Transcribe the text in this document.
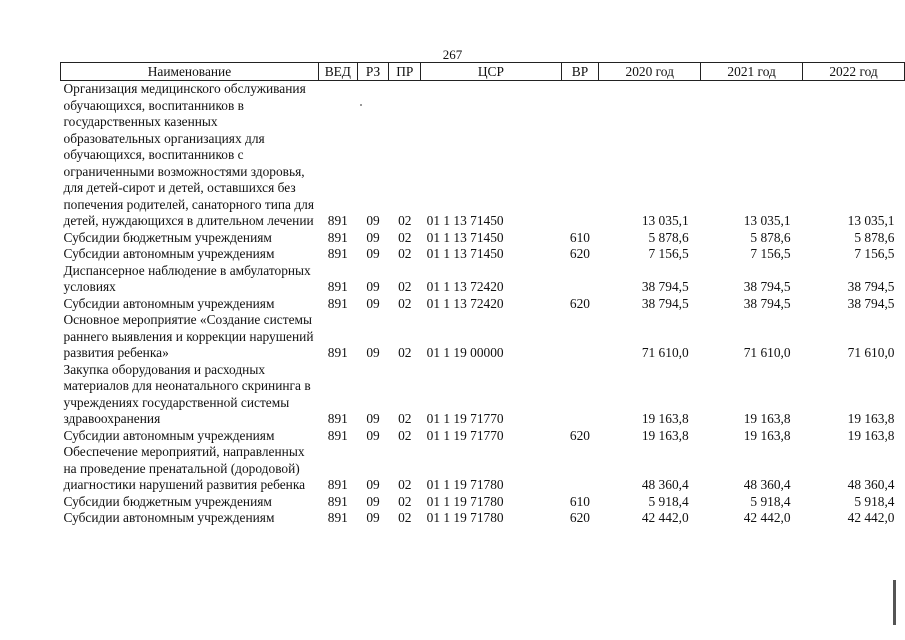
267
Наименование	ВЕД	РЗ	ПР	ЦСР	ВР	2020 год	2021 год	2022 год
Организация медицинского обслуживания обучающихся, воспитанников в государственных казенных образовательных организациях для обучающихся, воспитанников с ограниченными возможностями здоровья, для детей-сирот и детей, оставшихся без попечения родителей, санаторного типа для детей, нуждающихся в длительном лечении	891	09	02	01 1 13 71450		13 035,1	13 035,1	13 035,1
Субсидии бюджетным учреждениям	891	09	02	01 1 13 71450	610	5 878,6	5 878,6	5 878,6
Субсидии автономным учреждениям	891	09	02	01 1 13 71450	620	7 156,5	7 156,5	7 156,5
Диспансерное наблюдение в амбулаторных условиях	891	09	02	01 1 13 72420		38 794,5	38 794,5	38 794,5
Субсидии автономным учреждениям	891	09	02	01 1 13 72420	620	38 794,5	38 794,5	38 794,5
Основное мероприятие «Создание системы раннего выявления и коррекции нарушений развития ребенка»	891	09	02	01 1 19 00000		71 610,0	71 610,0	71 610,0
Закупка оборудования и расходных материалов для неонатального скрининга в учреждениях государственной системы здравоохранения	891	09	02	01 1 19 71770		19 163,8	19 163,8	19 163,8
Субсидии автономным учреждениям	891	09	02	01 1 19 71770	620	19 163,8	19 163,8	19 163,8
Обеспечение мероприятий, направленных на проведение пренатальной (дородовой) диагностики нарушений развития ребенка	891	09	02	01 1 19 71780		48 360,4	48 360,4	48 360,4
Субсидии бюджетным учреждениям	891	09	02	01 1 19 71780	610	5 918,4	5 918,4	5 918,4
Субсидии автономным учреждениям	891	09	02	01 1 19 71780	620	42 442,0	42 442,0	42 442,0
